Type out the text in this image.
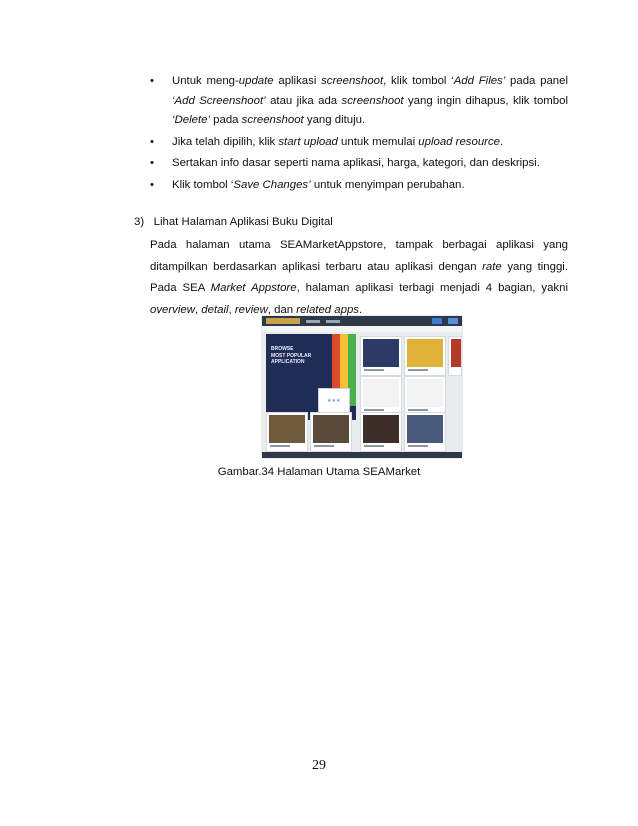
• Untuk meng-update aplikasi screenshoot, klik tombol ‘Add Files’ pada panel
‘Add Screenshoot’ atau jika ada screenshoot yang ingin dihapus, klik tombol
‘Delete’ pada screenshoot yang dituju.
• Jika telah dipilih, klik start upload untuk memulai upload resource.
• Sertakan info dasar seperti nama aplikasi, harga, kategori, dan deskripsi.
• Klik tombol ‘Save Changes’ untuk menyimpan perubahan.
3) Lihat Halaman Aplikasi Buku Digital
Pada halaman utama SEAMarketAppstore, tampak berbagai aplikasi yang ditampilkan berdasarkan aplikasi terbaru atau aplikasi dengan rate yang tinggi. Pada SEA Market Appstore, halaman aplikasi terbagi menjadi 4 bagian, yakni overview, detail, review, dan related apps.
BROWSE
MOST POPULAR
APPLICATION
★★★
Gambar.34 Halaman Utama SEAMarket
29
